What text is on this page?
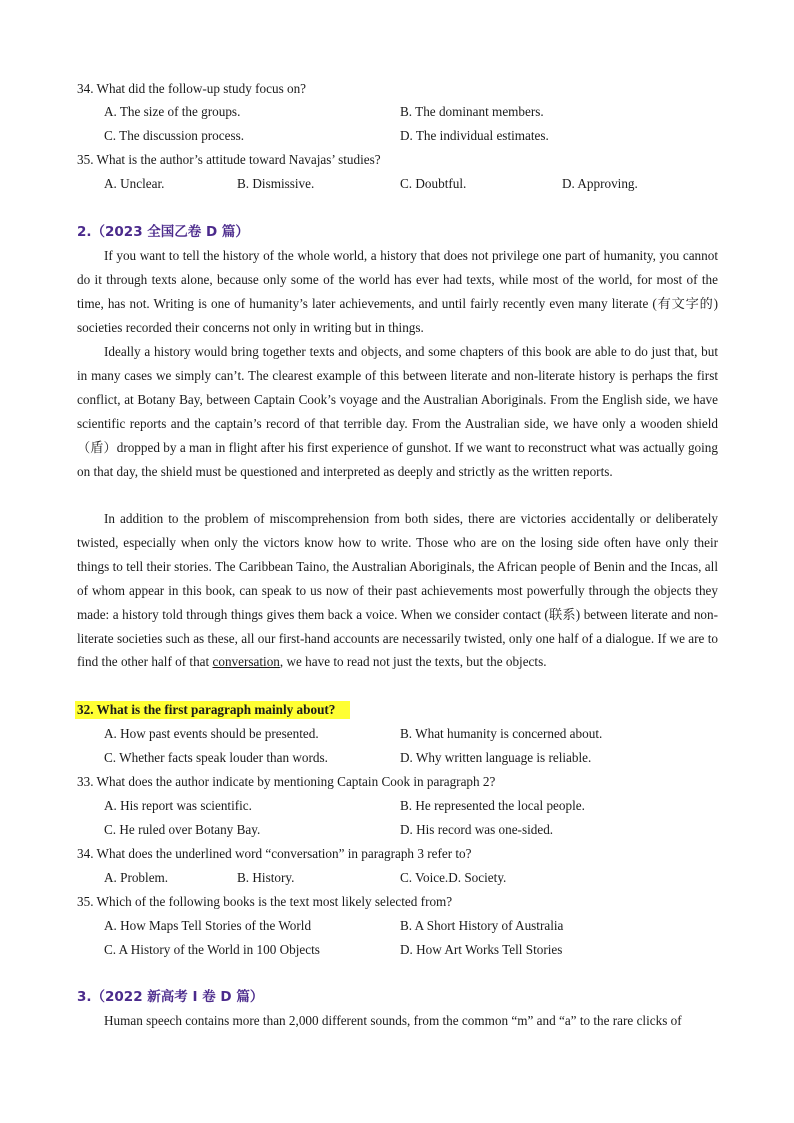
34. What did the follow-up study focus on?
A. The size of the groups.	B. The dominant members.
C. The discussion process.	D. The individual estimates.
35. What is the author’s attitude toward Navajas’ studies?
A. Unclear.	B. Dismissive.	C. Doubtful.	D. Approving.
2.（2023 全国乙卷 D 篇）

If you want to tell the history of the whole world, a history that does not privilege one part of humanity, you cannot do it through texts alone, because only some of the world has ever had texts, while most of the world, for most of the time, has not. Writing is one of humanity’s later achievements, and until fairly recently even many literate (有文字的) societies recorded their concerns not only in writing but in things.

Ideally a history would bring together texts and objects, and some chapters of this book are able to do just that, but in many cases we simply can’t. The clearest example of this between literate and non-literate history is perhaps the first conflict, at Botany Bay, between Captain Cook’s voyage and the Australian Aboriginals. From the English side, we have scientific reports and the captain’s record of that terrible day. From the Australian side, we have only a wooden shield （盾）dropped by a man in flight after his first experience of gunshot. If we want to reconstruct what was actually going on that day, the shield must be questioned and interpreted as deeply and strictly as the written reports.

In addition to the problem of miscomprehension from both sides, there are victories accidentally or deliberately twisted, especially when only the victors know how to write. Those who are on the losing side often have only their things to tell their stories. The Caribbean Taino, the Australian Aboriginals, the African people of Benin and the Incas, all of whom appear in this book, can speak to us now of their past achievements most powerfully through the objects they made: a history told through things gives them back a voice. When we consider contact (联系) between literate and non-literate societies such as these, all our first-hand accounts are necessarily twisted, only one half of a dialogue. If we are to find the other half of that conversation, we have to read not just the texts, but the objects.

32. What is the first paragraph mainly about?
A. How past events should be presented.	B. What humanity is concerned about.
C. Whether facts speak louder than words.	D. Why written language is reliable.
33. What does the author indicate by mentioning Captain Cook in paragraph 2?
A. His report was scientific.	B. He represented the local people.
C. He ruled over Botany Bay.	D. His record was one-sided.
34. What does the underlined word “conversation” in paragraph 3 refer to?
A. Problem.	B. History.	C. Voice.D. Society.
35. Which of the following books is the text most likely selected from?
A. How Maps Tell Stories of the World	B. A Short History of Australia
C. A History of the World in 100 Objects	D. How Art Works Tell Stories
3.（2022 新高考 I 卷 D 篇）
Human speech contains more than 2,000 different sounds, from the common “m” and “a” to the rare clicks of
